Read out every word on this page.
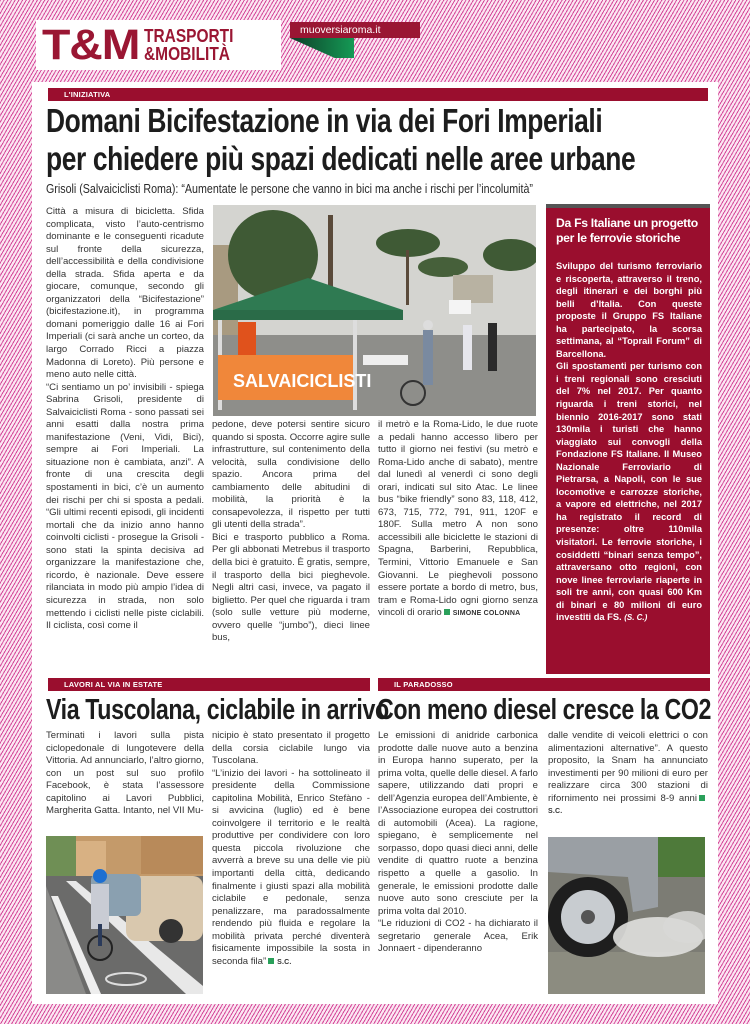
T&M TRASPORTI
&MOBILITÀ
muoversiaroma.it
L'INIZIATIVA
Domani Bicifestazione in via dei Fori Imperiali
per chiedere più spazi dedicati nelle aree urbane
Grisoli (Salvaiciclisti Roma): “Aumentate le persone che vanno in bici ma anche i rischi per l’incolumità”

Città a misura di bicicletta. Sfida complicata, visto l’auto-centrismo dominante e le conseguenti ricadute sul fronte della sicurezza, dell’accessibilità e della condivisione della strada. Sfida aperta e da giocare, comunque, secondo gli organizzatori della “Bicifestazione” (bicifestazione.it), in programma domani pomeriggio dalle 16 ai Fori Imperiali (ci sarà anche un corteo, da largo Corrado Ricci a piazza Madonna di Loreto). Più persone e meno auto nelle città.

“Ci sentiamo un po’ invisibili - spiega Sabrina Grisoli, presidente di Salvaiciclisti Roma - sono passati sei anni esatti dalla nostra prima manifestazione (Veni, Vidi, Bici), sempre ai Fori Imperiali. La situazione non è cambiata, anzi”. A fronte di una crescita degli spostamenti in bici, c’è un aumento dei rischi per chi si sposta a pedali. “Gli ultimi recenti episodi, gli incidenti mortali che da inizio anno hanno coinvolti ciclisti - prosegue la Grisoli - sono stati la spinta decisiva ad organizzare la manifestazione che, ricordo, è nazionale. Deve essere rilanciata in modo più ampio l’idea di sicurezza in strada, non solo mettendo i ciclisti nelle piste ciclabili. Il ciclista, così come il

SALVAICICLISTI

pedone, deve potersi sentire sicuro quando si sposta. Occorre agire sulle infrastrutture, sul contenimento della velocità, sulla condivisione dello spazio. Ancora prima del cambiamento delle abitudini di mobilità, la priorità è la consapevolezza, il rispetto per tutti gli utenti della strada”.

Bici e trasporto pubblico a Roma. Per gli abbonati Metrebus il trasporto della bici è gratuito. È gratis, sempre, il trasporto della bici pieghevole. Negli altri casi, invece, va pagato il biglietto. Per quel che riguarda i tram (solo sulle vetture più moderne, ovvero quelle “jumbo”), dieci linee bus,

il metrò e la Roma-Lido, le due ruote a pedali hanno accesso libero per tutto il giorno nei festivi (su metrò e Roma-Lido anche di sabato), mentre dal lunedì al venerdì ci sono degli orari, indicati sul sito Atac. Le linee bus “bike friendly” sono 83, 118, 412, 673, 715, 772, 791, 911, 120F e 180F. Sulla metro A non sono accessibili alle biciclette le stazioni di Spagna, Barberini, Repubblica, Termini, Vittorio Emanuele e San Giovanni. Le pieghevoli possono essere portate a bordo di metro, bus, tram e Roma-Lido ogni giorno senza vincoli di orario SIMONE COLONNA

Da Fs Italiane un progetto per le ferrovie storiche

Sviluppo del turismo ferroviario e riscoperta, attraverso il treno, degli itinerari e dei borghi più belli d’Italia. Con queste proposte il Gruppo FS Italiane ha partecipato, la scorsa settimana, al “Toprail Forum” di Barcellona.

Gli spostamenti per turismo con i treni regionali sono cresciuti del 7% nel 2017. Per quanto riguarda i treni storici, nel biennio 2016-2017 sono stati 130mila i turisti che hanno viaggiato sui convogli della Fondazione FS Italiane. Il Museo Nazionale Ferroviario di Pietrarsa, a Napoli, con le sue locomotive e carrozze storiche, a vapore ed elettriche, nel 2017 ha registrato il record di presenze: oltre 110mila visitatori. Le ferrovie storiche, i cosiddetti “binari senza tempo”, attraversano otto regioni, con nove linee ferroviarie riaperte in soli tre anni, con quasi 600 Km di binari e 80 milioni di euro investiti da FS. (S. C.)

LAVORI AL VIA IN ESTATE
Via Tuscolana, ciclabile in arrivo

Terminati i lavori sulla pista ciclopedonale di lungotevere della Vittoria. Ad annunciarlo, l’altro giorno, con un post sul suo profilo Facebook, è stata l’assessore capitolino ai Lavori Pubblici, Margherita Gatta. Intanto, nel VII Mu-

nicipio è stato presentato il progetto della corsia ciclabile lungo via Tuscolana.

“L’inizio dei lavori - ha sottolineato il presidente della Commissione capitolina Mobilità, Enrico Stefàno - si avvicina (luglio) ed è bene coinvolgere il territorio e le realtà produttive per condividere con loro questa piccola rivoluzione che avverrà a breve su una delle vie più importanti della città, dedicando finalmente i giusti spazi alla mobilità ciclabile e pedonale, senza penalizzare, ma paradossalmente rendendo più fluida e regolare la mobilità privata perché diventerà fisicamente impossibile la sosta in seconda fila” S.C.

IL PARADOSSO
Con meno diesel cresce la CO2

Le emissioni di anidride carbonica prodotte dalle nuove auto a benzina in Europa hanno superato, per la prima volta, quelle delle diesel. A farlo sapere, utilizzando dati propri e dell’Agenzia europea dell’Ambiente, è l’Associazione europea dei costruttori di automobili (Acea). La ragione, spiegano, è semplicemente nel sorpasso, dopo quasi dieci anni, delle vendite di quattro ruote a benzina rispetto a quelle a gasolio. In generale, le emissioni prodotte dalle nuove auto sono cresciute per la prima volta dal 2010.

“Le riduzioni di CO2 - ha dichiarato il segretario generale Acea, Erik Jonnaert - dipenderanno

dalle vendite di veicoli elettrici o con alimentazioni alternative”. A questo proposito, la Snam ha annunciato investimenti per 90 milioni di euro per realizzare circa 300 stazioni di rifornimento nei prossimi 8-9 anniS.C.
